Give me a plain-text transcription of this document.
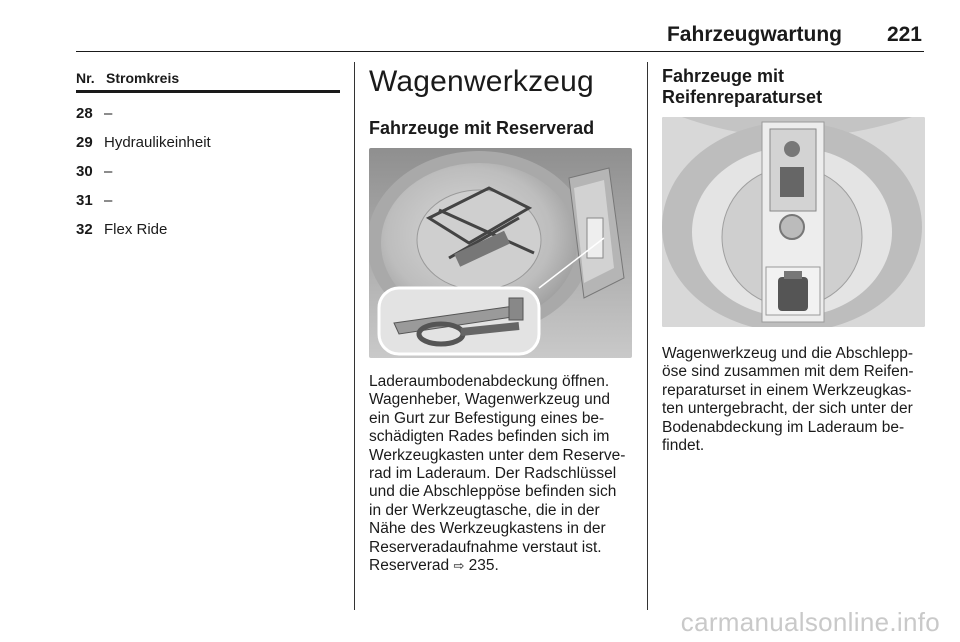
Fahrzeugwartung 221
Nr. Stromkreis
28 –
29 Hydraulikeinheit
30 –
31 –
32 Flex Ride
Wagenwerkzeug
Fahrzeuge mit Reserverad
Laderaumbodenabdeckung öffnen.
Wagenheber, Wagenwerkzeug und
ein Gurt zur Befestigung eines be-
schädigten Rades befinden sich im
Werkzeugkasten unter dem Reserve-
rad im Laderaum. Der Radschlüssel
und die Abschleppöse befinden sich
in der Werkzeugtasche, die in der
Nähe des Werkzeugkastens in der
Reserveradaufnahme verstaut ist.
Reserverad ⇨ 235.
Fahrzeuge mit
Reifenreparaturset
Wagenwerkzeug und die Abschlepp-
öse sind zusammen mit dem Reifen-
reparaturset in einem Werkzeugkas-
ten untergebracht, der sich unter der
Bodenabdeckung im Laderaum be-
findet.
carmanualsonline.info
